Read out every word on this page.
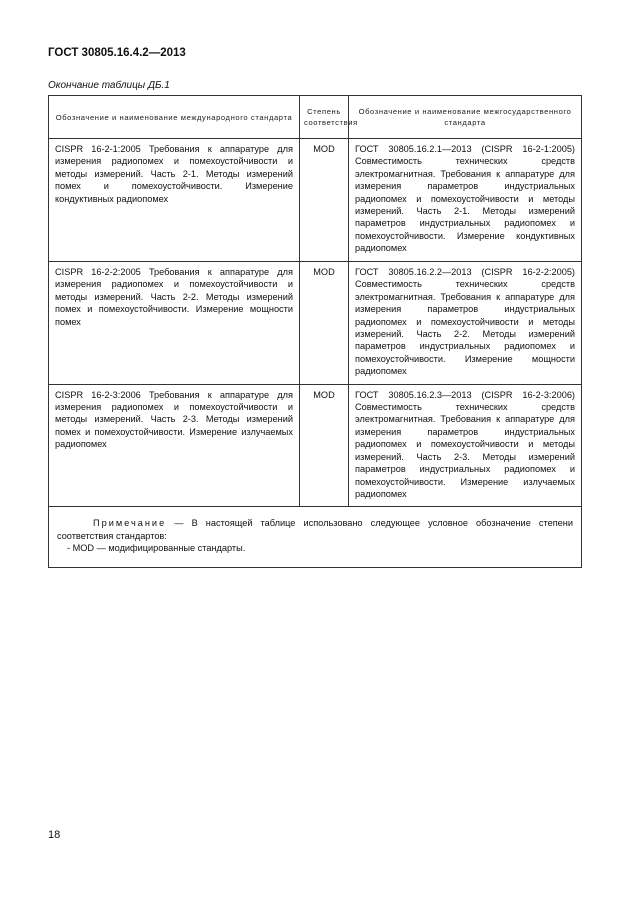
ГОСТ 30805.16.4.2—2013
Окончание таблицы ДБ.1
Обозначение и наименование международного стандарта	Степень соответствия	Обозначение и наименование межгосударственного стандарта
CISPR 16-2-1:2005 Требования к аппаратуре для измерения радиопомех и помехоустойчивости и методы измерений. Часть 2-1. Методы измерений помех и помехоустойчивости. Измерение кондуктивных радиопомех	MOD	ГОСТ 30805.16.2.1—2013 (CISPR 16-2-1:2005) Совместимость технических средств электромагнитная. Требования к аппаратуре для измерения параметров индустриальных радиопомех и помехоустойчивости и методы измерений. Часть 2-1. Методы измерений параметров индустриальных радиопомех и помехоустойчивости. Измерение кондуктивных радиопомех
CISPR 16-2-2:2005 Требования к аппаратуре для измерения радиопомех и помехоустойчивости и методы измерений. Часть 2-2. Методы измерений помех и помехоустойчивости. Измерение мощности помех	MOD	ГОСТ 30805.16.2.2—2013 (CISPR 16-2-2:2005) Совместимость технических средств электромагнитная. Требования к аппаратуре для измерения параметров индустриальных радиопомех и помехоустойчивости и методы измерений. Часть 2-2. Методы измерений параметров индустриальных радиопомех и помехоустойчивости. Измерение мощности радиопомех
CISPR 16-2-3:2006 Требования к аппаратуре для измерения радиопомех и помехоустойчивости и методы измерений. Часть 2-3. Методы измерений помех и помехоустойчивости. Измерение излучаемых радиопомех	MOD	ГОСТ 30805.16.2.3—2013 (CISPR 16-2-3:2006) Совместимость технических средств электромагнитная. Требования к аппаратуре для измерения параметров индустриальных радиопомех и помехоустойчивости и методы измерений. Часть 2-3. Методы измерений параметров индустриальных радиопомех и помехоустойчивости. Измерение излучаемых радиопомех

Примечание — В настоящей таблице использовано следующее условное обозначение степени соответствия стандартов:
- MOD — модифицированные стандарты.		
18
